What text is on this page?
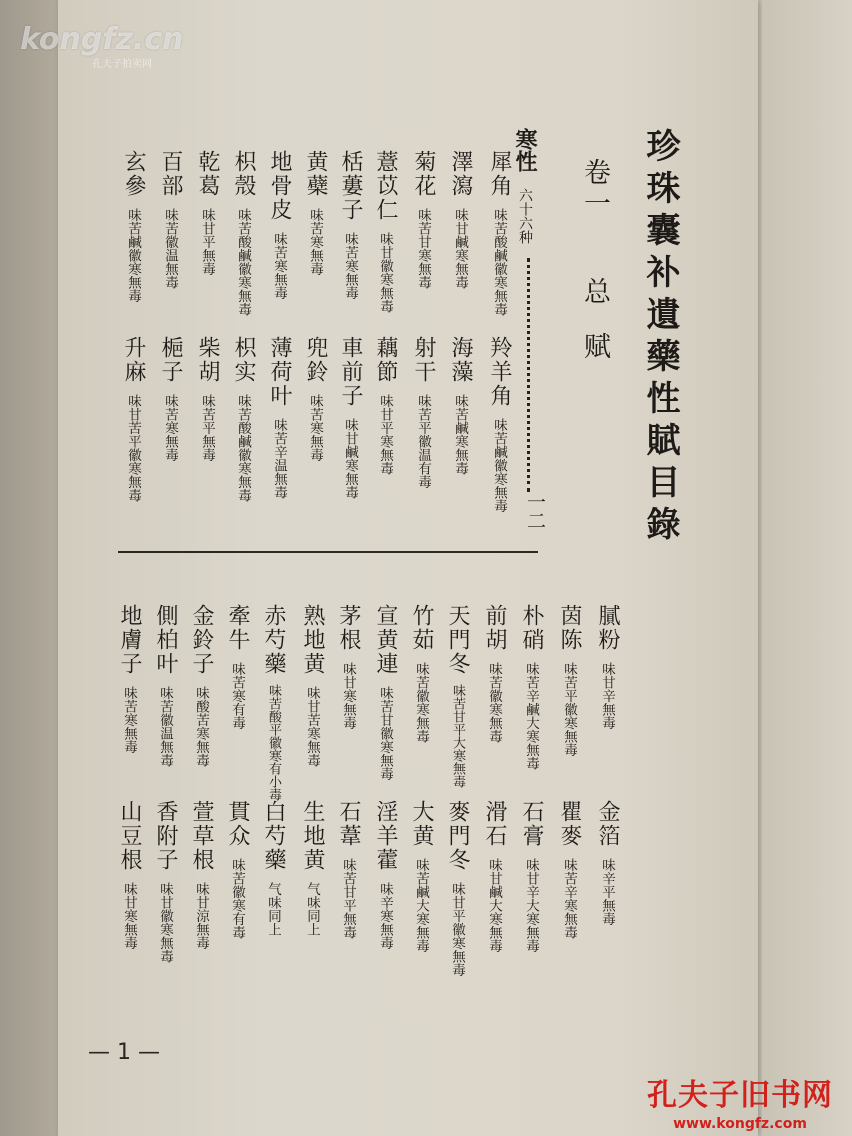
珍珠囊补遺藥性賦目錄
卷一 总赋
寒性 六十六种
一二
犀角味苦酸鹹徽寒無毒
羚羊角味苦鹹徽寒無毒
澤瀉味甘鹹寒無毒
海藻味苦鹹寒無毒
菊花味苦甘寒無毒
射干味苦平徽温有毒
薏苡仁味甘徽寒無毒
藕節味甘平寒無毒
栝蔞子味苦寒無毒
車前子味甘鹹寒無毒
黄蘗味苦寒無毒
兜鈴味苦寒無毒
地骨皮味苦寒無毒
薄荷叶味苦辛温無毒
枳殼味苦酸鹹徽寒無毒
枳实味苦酸鹹徽寒無毒
乾葛味甘平無毒
柴胡味苦平無毒
百部味苦徽温無毒
梔子味苦寒無毒
玄參味苦鹹徽寒無毒
升麻味甘苦平徽寒無毒
膩粉味甘辛無毒
金箔味辛平無毒
茵陈味苦平徽寒無毒
瞿麥味苦辛寒無毒
朴硝味苦辛鹹大寒無毒
石膏味甘辛大寒無毒
前胡味苦徽寒無毒
滑石味甘鹹大寒無毒
天門冬味苦甘平大寒無毒
麥門冬味甘平徽寒無毒
竹茹味苦徽寒無毒
大黄味苦鹹大寒無毒
宣黄連味苦甘徽寒無毒
淫羊藿味辛寒無毒
茅根味甘寒無毒
石葦味苦甘平無毒
熟地黄味甘苦寒無毒
生地黄气味同上
赤芍藥味苦酸平徽寒有小毒
白芍藥气味同上
牽牛味苦寒有毒
貫众味苦徽寒有毒
金鈴子味酸苦寒無毒
萱草根味甘涼無毒
側柏叶味苦徽温無毒
香附子味甘徽寒無毒
地膚子味苦寒無毒
山豆根味甘寒無毒
— 1 —
kongfz.cn
孔夫子拍卖网
孔夫子旧书网
www.kongfz.com
